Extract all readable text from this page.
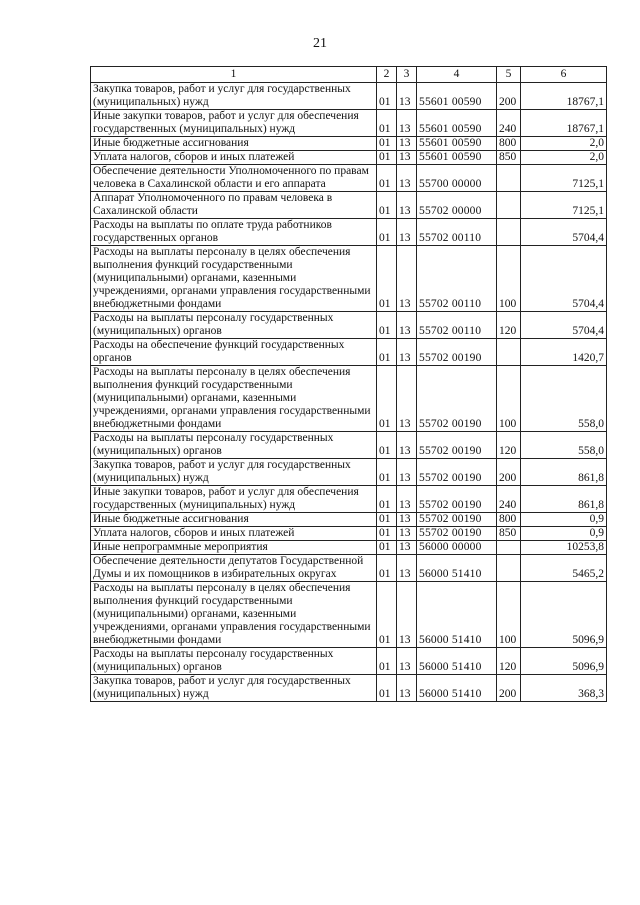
21
1	2	3	4	5	6
Закупка товаров, работ и услуг для государственных (муниципальных) нужд	01	13	55601 00590	200	18767,1
Иные закупки товаров, работ и услуг для обеспечения государственных (муниципальных) нужд	01	13	55601 00590	240	18767,1
Иные бюджетные ассигнования	01	13	55601 00590	800	2,0
Уплата налогов, сборов и иных платежей	01	13	55601 00590	850	2,0
Обеспечение деятельности Уполномоченного по правам человека в Сахалинской области и его аппарата	01	13	55700 00000		7125,1
Аппарат Уполномоченного по правам человека в Сахалинской области	01	13	55702 00000		7125,1
Расходы на выплаты по оплате труда работников государственных органов	01	13	55702 00110		5704,4
Расходы на выплаты персоналу в целях обеспечения выполнения функций государственными (муниципальными) органами, казенными учреждениями, органами управления государственными внебюджетными фондами	01	13	55702 00110	100	5704,4
Расходы на выплаты персоналу государственных (муниципальных) органов	01	13	55702 00110	120	5704,4
Расходы на обеспечение функций государственных органов	01	13	55702 00190		1420,7
Расходы на выплаты персоналу в целях обеспечения выполнения функций государственными (муниципальными) органами, казенными учреждениями, органами управления государственными внебюджетными фондами	01	13	55702 00190	100	558,0
Расходы на выплаты персоналу государственных (муниципальных) органов	01	13	55702 00190	120	558,0
Закупка товаров, работ и услуг для государственных (муниципальных) нужд	01	13	55702 00190	200	861,8
Иные закупки товаров, работ и услуг для обеспечения государственных (муниципальных) нужд	01	13	55702 00190	240	861,8
Иные бюджетные ассигнования	01	13	55702 00190	800	0,9
Уплата налогов, сборов и иных платежей	01	13	55702 00190	850	0,9
Иные непрограммные мероприятия	01	13	56000 00000		10253,8
Обеспечение деятельности депутатов Государственной Думы и их помощников в избирательных округах	01	13	56000 51410		5465,2
Расходы на выплаты персоналу в целях обеспечения выполнения функций государственными (муниципальными) органами, казенными учреждениями, органами управления государственными внебюджетными фондами	01	13	56000 51410	100	5096,9
Расходы на выплаты персоналу государственных (муниципальных) органов	01	13	56000 51410	120	5096,9
Закупка товаров, работ и услуг для государственных (муниципальных) нужд	01	13	56000 51410	200	368,3
